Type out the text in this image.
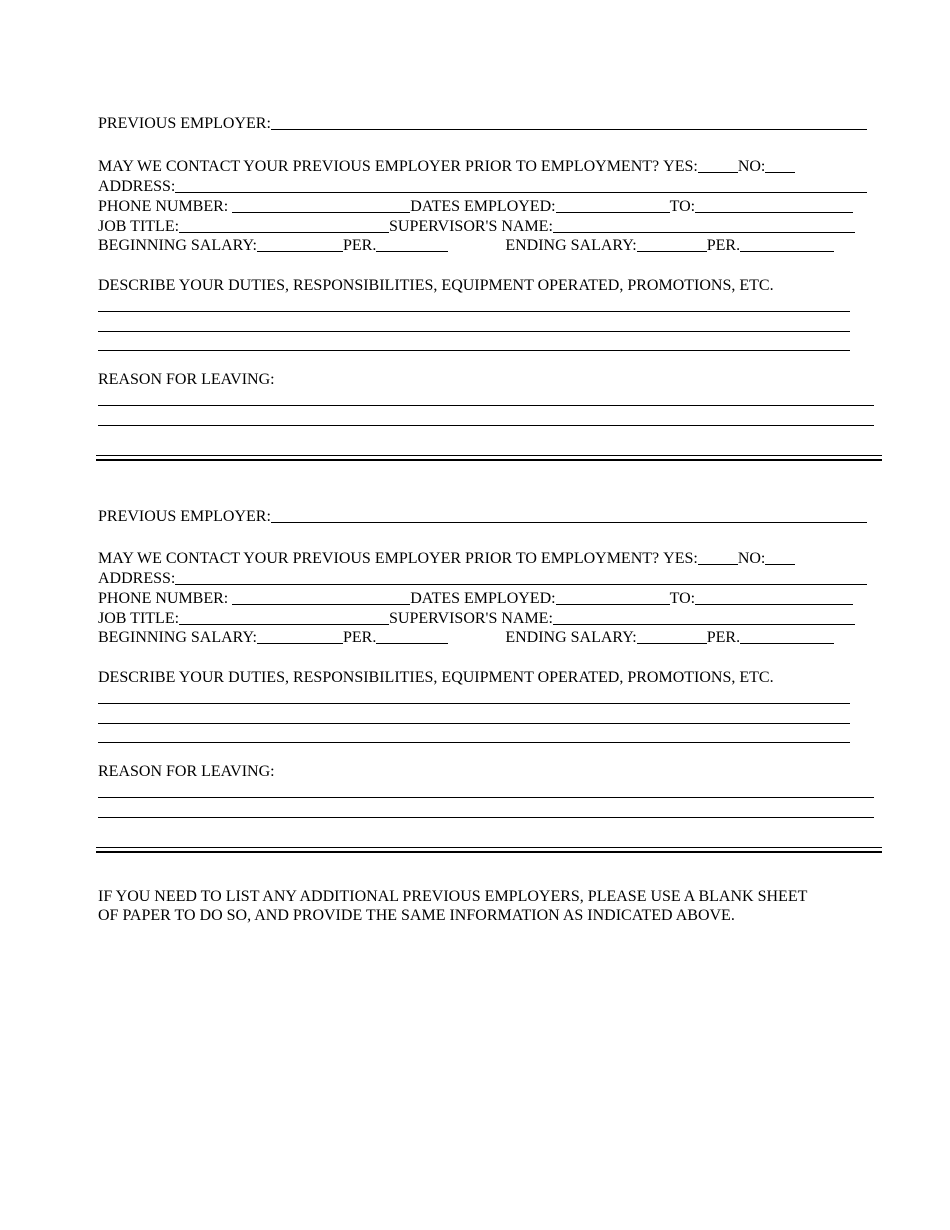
PREVIOUS EMPLOYER:
MAY WE CONTACT YOUR PREVIOUS EMPLOYER PRIOR TO EMPLOYMENT? YES:	NO:
ADDRESS:
PHONE NUMBER:	DATES EMPLOYED:	TO:
JOB TITLE:	SUPERVISOR'S NAME:
BEGINNING SALARY:	PER.	ENDING SALARY:	PER.
DESCRIBE YOUR DUTIES, RESPONSIBILITIES, EQUIPMENT OPERATED, PROMOTIONS, ETC.
REASON FOR LEAVING:
PREVIOUS EMPLOYER:
MAY WE CONTACT YOUR PREVIOUS EMPLOYER PRIOR TO EMPLOYMENT? YES:	NO:
ADDRESS:
PHONE NUMBER:	DATES EMPLOYED:	TO:
JOB TITLE:	SUPERVISOR'S NAME:
BEGINNING SALARY:	PER.	ENDING SALARY:	PER.
DESCRIBE YOUR DUTIES, RESPONSIBILITIES, EQUIPMENT OPERATED, PROMOTIONS, ETC.
REASON FOR LEAVING:
IF YOU NEED TO LIST ANY ADDITIONAL PREVIOUS EMPLOYERS, PLEASE USE A BLANK SHEET
OF PAPER TO DO SO, AND PROVIDE THE SAME INFORMATION AS INDICATED ABOVE.
